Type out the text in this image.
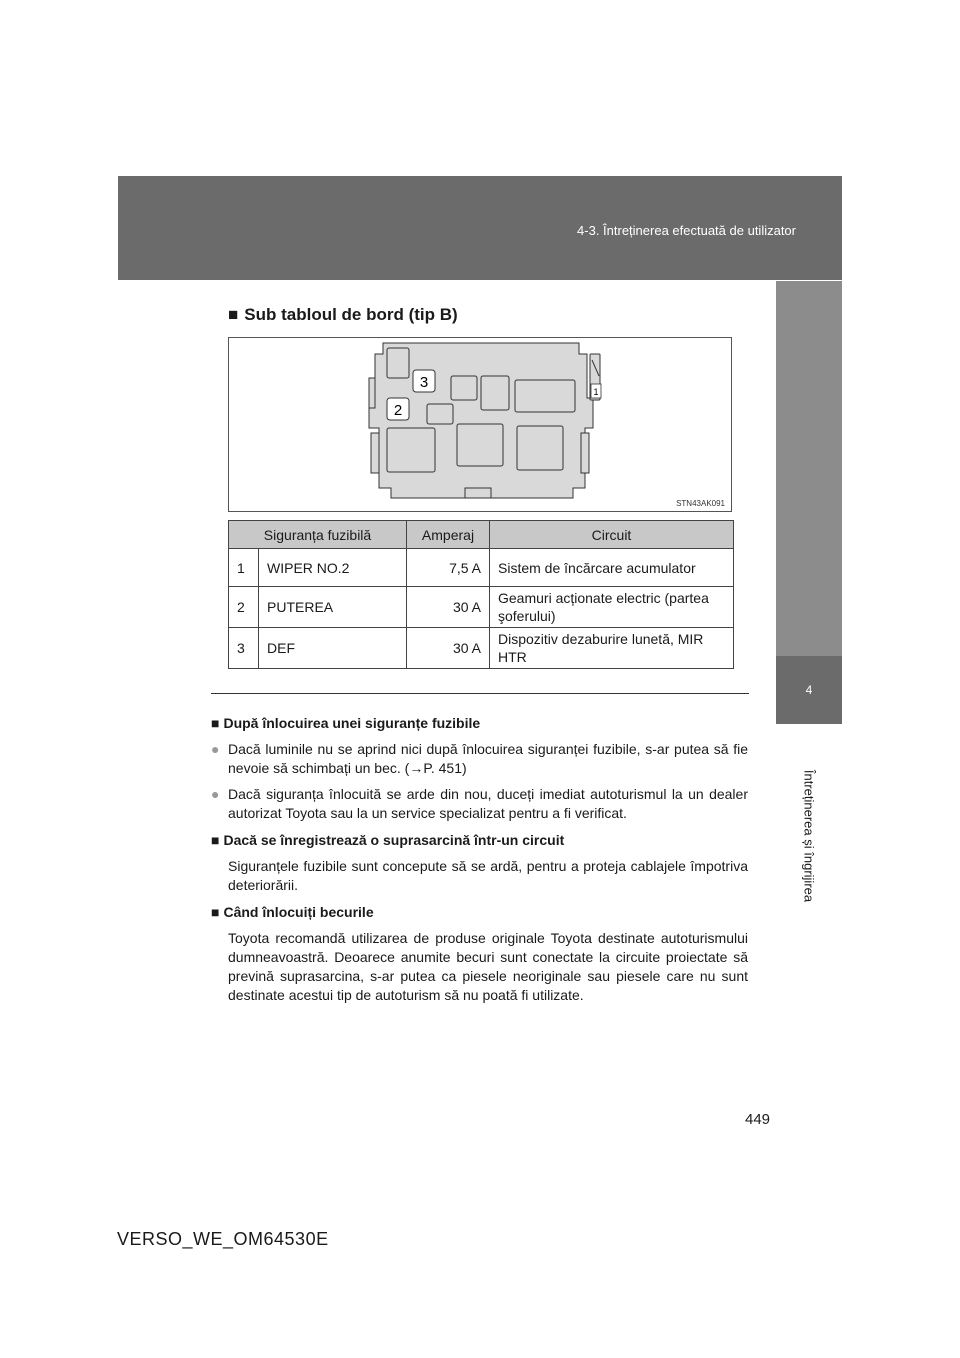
4-3. Întreținerea efectuată de utilizator
4
Întreținerea și îngrijirea
■ Sub tabloul de bord (tip B)
3
2
1
STN43AK091
Siguranța fuzibilă		Amperaj	Circuit
1	WIPER NO.2	7,5 A	Sistem de încărcare acumulator
2	PUTEREA	30 A	Geamuri acționate electric (partea şoferului)
3	DEF	30 A	Dispozitiv dezaburire lunetă, MIR HTR
■ După înlocuirea unei siguranțe fuzibile
● Dacă luminile nu se aprind nici după înlocuirea siguranței fuzibile, s-ar putea să fie nevoie să schimbați un bec. (→P. 451)
● Dacă siguranța înlocuită se arde din nou, duceți imediat autoturismul la un dealer autorizat Toyota sau la un service specializat pentru a fi verificat.
■ Dacă se înregistrează o suprasarcină într-un circuit
Siguranțele fuzibile sunt concepute să se ardă, pentru a proteja cablajele împotriva deteriorării.
■ Când înlocuiți becurile
Toyota recomandă utilizarea de produse originale Toyota destinate autoturismului dumneavoastră. Deoarece anumite becuri sunt conectate la circuite proiectate să prevină suprasarcina, s-ar putea ca piesele neoriginale sau piesele care nu sunt destinate acestui tip de autoturism să nu poată fi utilizate.
449
VERSO_WE_OM64530E
